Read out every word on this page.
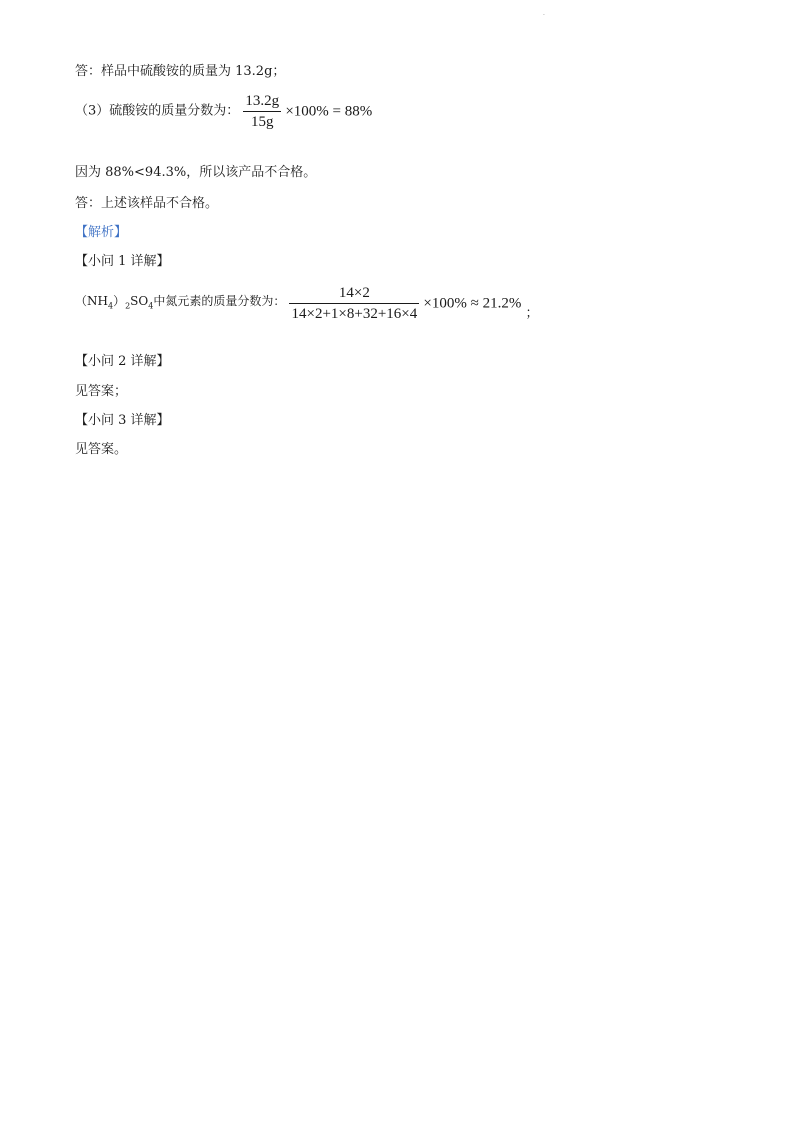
·
答：样品中硫酸铵的质量为 13.2g；
（3）硫酸铵的质量分数为： $\frac{13.2g}{15g} \times 100\% = 88\%$
因为 88%<94.3%，所以该产品不合格。
答：上述该样品不合格。
【解析】
【小问 1 详解】
$(NH_4)_2SO_4$中氮元素的质量分数为： $\frac{14\times 2}{14\times 2+1\times 8+32+16\times 4} \times 100\% \approx 21.2\%$ ；
【小问 2 详解】
见答案；
【小问 3 详解】
见答案。
